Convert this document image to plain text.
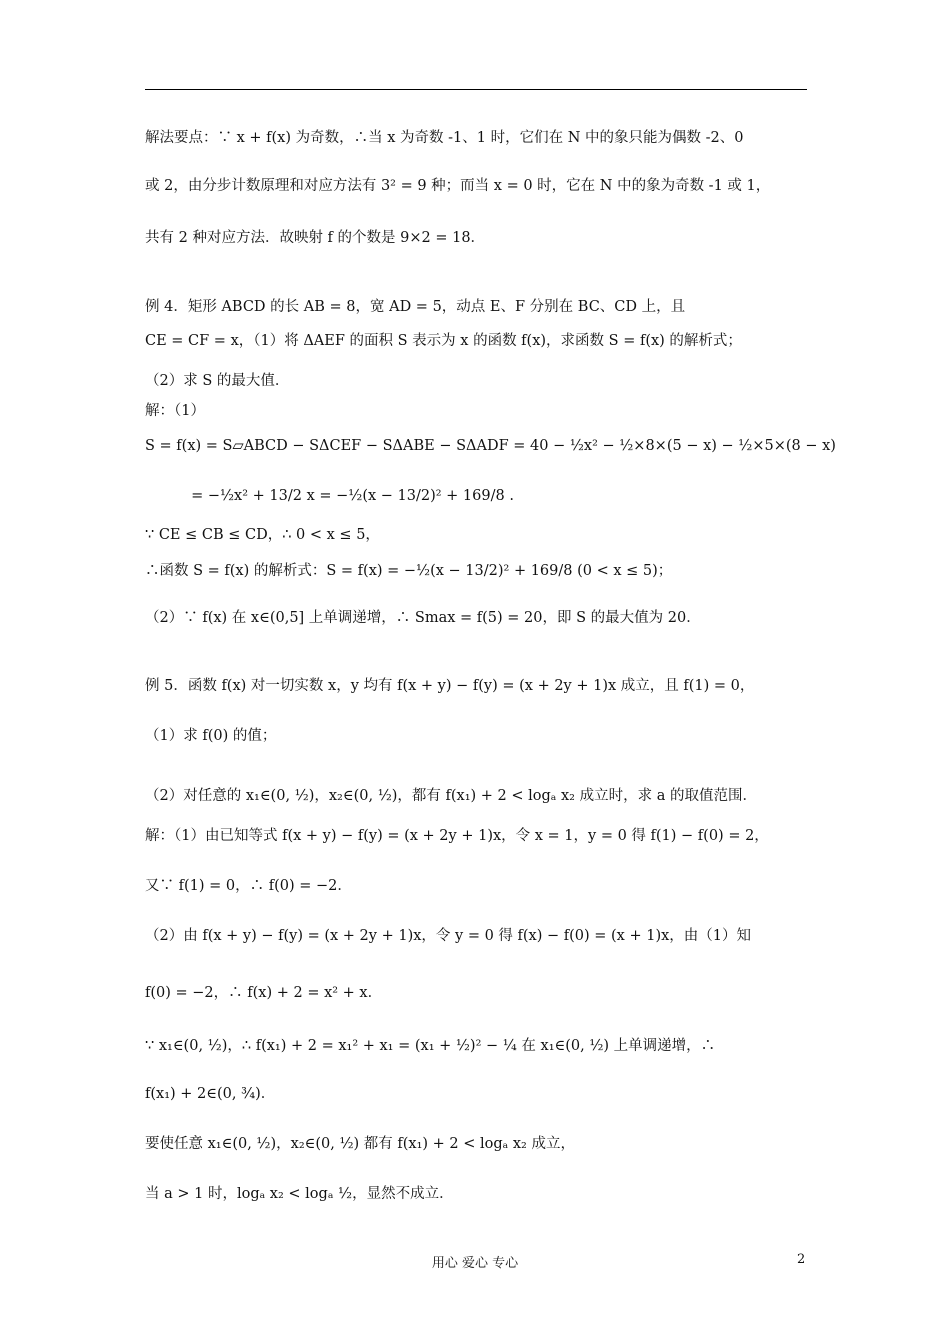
解法要点：∵ x + f(x) 为奇数，∴当 x 为奇数 -1、1 时，它们在 N 中的象只能为偶数 -2、0
或 2，由分步计数原理和对应方法有 3² = 9 种；而当 x = 0 时，它在 N 中的象为奇数 -1 或 1，
共有 2 种对应方法．故映射 f 的个数是 9×2 = 18．
例 4．矩形 ABCD 的长 AB = 8，宽 AD = 5，动点 E、F 分别在 BC、CD 上，且
CE = CF = x，（1）将 ΔAEF 的面积 S 表示为 x 的函数 f(x)，求函数 S = f(x) 的解析式；
（2）求 S 的最大值．
解：（1）
S = f(x) = S▱ABCD − SΔCEF − SΔABE − SΔADF = 40 − ½x² − ½×8×(5 − x) − ½×5×(8 − x)
= −½x² + 13/2 x = −½(x − 13/2)² + 169/8 .
∵ CE ≤ CB ≤ CD，∴ 0 < x ≤ 5，
∴函数 S = f(x) 的解析式：S = f(x) = −½(x − 13/2)² + 169/8 (0 < x ≤ 5)；
（2）∵ f(x) 在 x∈(0,5] 上单调递增，∴ Smax = f(5) = 20，即 S 的最大值为 20．
例 5．函数 f(x) 对一切实数 x，y 均有 f(x + y) − f(y) = (x + 2y + 1)x 成立，且 f(1) = 0，
（1）求 f(0) 的值；
（2）对任意的 x₁∈(0, ½)，x₂∈(0, ½)，都有 f(x₁) + 2 < logₐ x₂ 成立时，求 a 的取值范围．
解：（1）由已知等式 f(x + y) − f(y) = (x + 2y + 1)x，令 x = 1，y = 0 得 f(1) − f(0) = 2，
又∵ f(1) = 0，∴ f(0) = −2．
（2）由 f(x + y) − f(y) = (x + 2y + 1)x，令 y = 0 得 f(x) − f(0) = (x + 1)x，由（1）知
f(0) = −2，∴ f(x) + 2 = x² + x．
∵ x₁∈(0, ½)，∴ f(x₁) + 2 = x₁² + x₁ = (x₁ + ½)² − ¼ 在 x₁∈(0, ½) 上单调递增，∴
f(x₁) + 2∈(0, ¾)．
要使任意 x₁∈(0, ½)，x₂∈(0, ½) 都有 f(x₁) + 2 < logₐ x₂ 成立，
当 a > 1 时，logₐ x₂ < logₐ ½，显然不成立．
用心 爱心 专心	2
